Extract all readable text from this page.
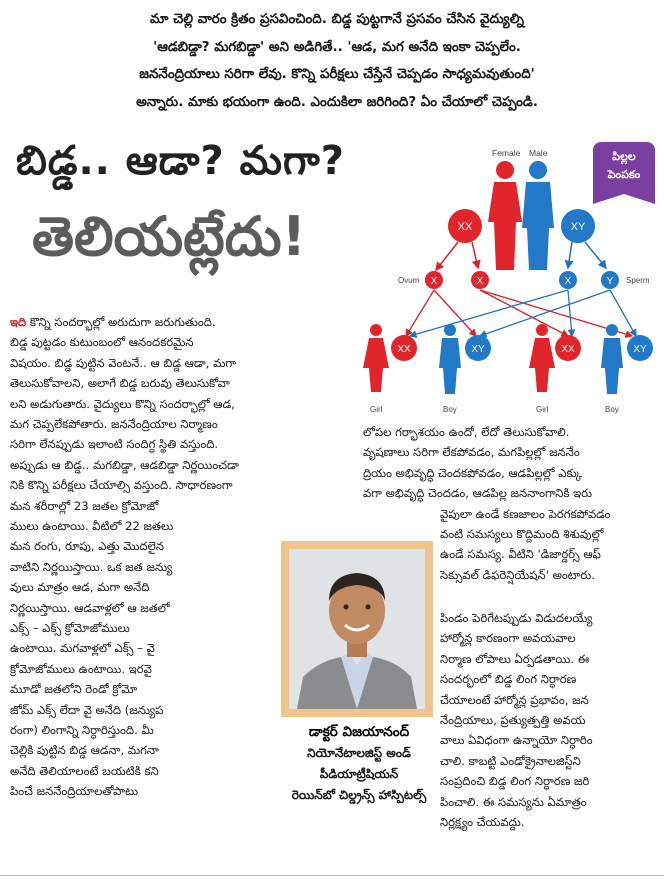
మా చెల్లి వారం క్రితం ప్రసవించింది. బిడ్డ పుట్టగానే ప్రసవం చేసిన వైద్యుల్ని
'ఆడబిడ్డా? మగబిడ్డా' అని అడిగితే.. 'ఆడ, మగ అనేది ఇంకా చెప్పలేం.
జననేంద్రియాలు సరిగా లేవు. కొన్ని పరీక్షలు చేస్తేనే చెప్పడం సాధ్యమవుతుంది'
అన్నారు. మాకు భయంగా ఉంది. ఎందుకిలా జరిగింది? ఏం చేయాలో చెప్పండి.
బిడ్డ.. ఆడా? మగా?
తెలియట్లేదు!
పిల్లల
పెంపకం
Female Male
XX	XY
X	X	X	Y
Ovum	Sperm
XX
Girl
XY
Boy
XX
Girl
XY
Boy
ఇది కొన్ని సందర్భాల్లో అరుదుగా జరుగుతుంది.
బిడ్డ పుట్టడం కుటుంబంలో ఆనందకరమైన
విషయం. బిడ్డ పుట్టిన వెంటనే.. ఆ బిడ్డ ఆడా, మగా
తెలుసుకోవాలని, అలాగే బిడ్డ బరువు తెలుసుకోవా
లని అడుగుతారు. వైద్యులు కొన్ని సందర్భాల్లో ఆడ,
మగ చెప్పలేకపోతారు. జననేంద్రియాల నిర్మాణం
సరిగా లేనప్పుడు ఇలాంటి సందిగ్ధ స్థితి వస్తుంది.
అప్పుడు ఆ బిడ్డ.. మగబిడ్డా, ఆడబిడ్డా నిర్ణయించడా
నికి కొన్ని పరీక్షలు చేయాల్సి వస్తుంది. సాధారణంగా
మన శరీరాల్లో 23 జతల క్రోమోజో
ములు ఉంటాయి. వీటిలో 22 జతలు
మన రంగు, రూపు, ఎత్తు మొదలైన
వాటిని నిర్ణయిస్తాయి. ఒక జత జన్యు
వులు మాత్రం ఆడ, మగా అనేది
నిర్ణయిస్తాయి. ఆడవాళ్లలో ఆ జతలో
ఎక్స్ – ఎక్స్ క్రోమోజోములు
ఉంటాయి. మగవాళ్లలో ఎక్స్ – వై
క్రోమోజోములు ఉంటాయి. ఇరవై
మూడో జతలోని రెండో క్రోమో
జోమ్ ఎక్స్ లేదా వై అనేది (జన్యుప
రంగా) లింగాన్ని నిర్ధారిస్తుంది. మీ
చెల్లికి పుట్టిన బిడ్డ ఆడనా, మగనా
అనేది తెలియాలంటే బయటికి కని
పించే జననేంద్రియాలతోపాటు
లోపల గర్భాశయం ఉందో, లేదో తెలుసుకోవాలి.
వృషణాలు సరిగా లేకపోవడం, మగపిల్లల్లో జననేం
ద్రియం అభివృద్ధి చెందకపోవడం, ఆడపిల్లల్లో ఎక్కు
వగా అభివృద్ధి చెందడం, ఆడపిల్ల జననాంగానికి ఇరు
వైపులా ఉండే కణజాలం పెరగకపోవడం
వంటి సమస్యలు కొద్దిమంది శిశువుల్లో
ఉండే సమస్య. వీటిని 'డిజార్డర్స్ ఆఫ్
సెక్సువల్ డిఫరెన్షియేషన్' అంటారు.
పిండం పెరిగేటప్పుడు విడుదలయ్యే
హార్మోన్ల కారణంగా అవయవాల
నిర్మాణ లోపాలు ఏర్పడతాయి. ఈ
సందర్భంలో బిడ్డ లింగ నిర్ధారణ
చేయాలంటే హార్మోన్ల ప్రభావం, జన
నేంద్రియాలు, ప్రత్యుత్పత్తి అవయ
వాలు ఏవిధంగా ఉన్నాయో నిర్ధారిం
చాలి. కాబట్టి ఎండోక్రైనాలజిస్ట్‌ని
సంప్రదించి బిడ్డ లింగ నిర్ధారణ జరి
పించాలి. ఈ సమస్యను ఏమాత్రం
నిర్లక్ష్యం చేయవద్దు.
డాక్టర్ విజయానంద్
నియోనేటాలజిస్ట్ అండ్
పీడియాట్రీషియన్
రెయిన్‌బో చిల్డ్రన్స్ హాస్పిటల్స్
